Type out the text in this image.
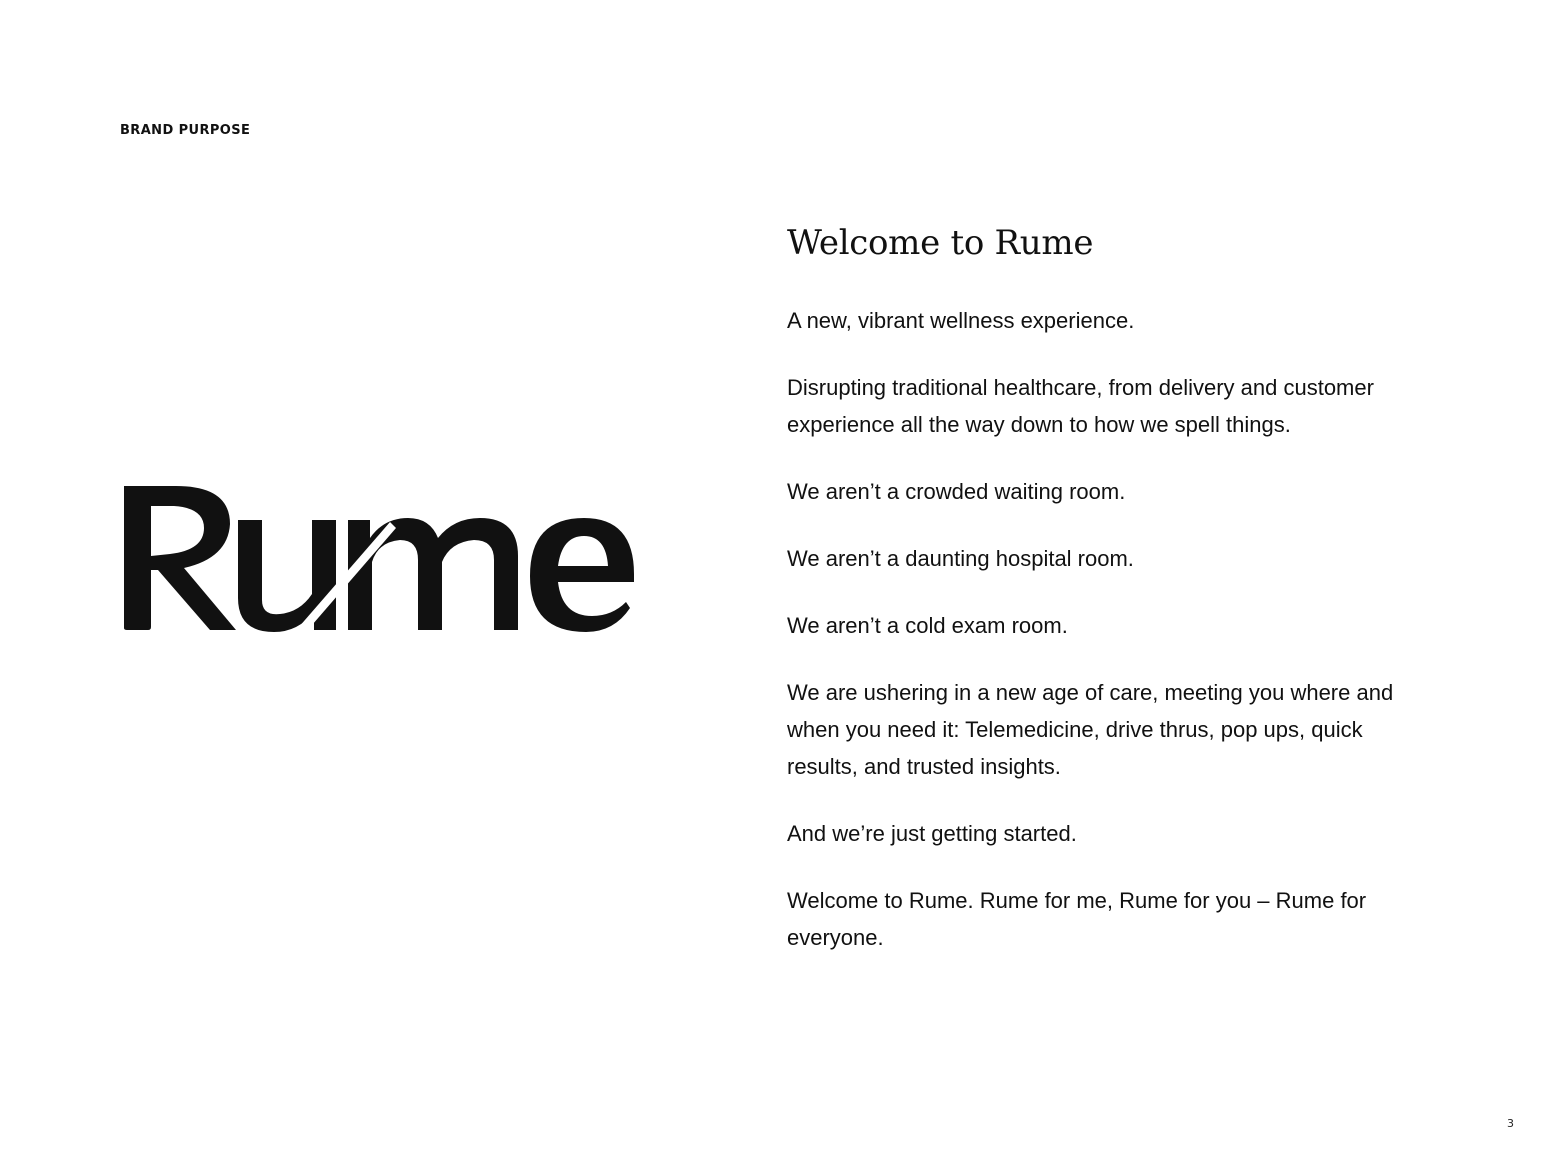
BRAND PURPOSE
Welcome to Rume

A new, vibrant wellness experience.

Disrupting traditional healthcare, from delivery and customer experience all the way down to how we spell things.

We aren’t a crowded waiting room.

We aren’t a daunting hospital room.

We aren’t a cold exam room.

We are ushering in a new age of care, meeting you where and when you need it: Telemedicine, drive thrus, pop ups, quick results, and trusted insights.

And we’re just getting started.

Welcome to Rume. Rume for me, Rume for you – Rume for everyone.

3
